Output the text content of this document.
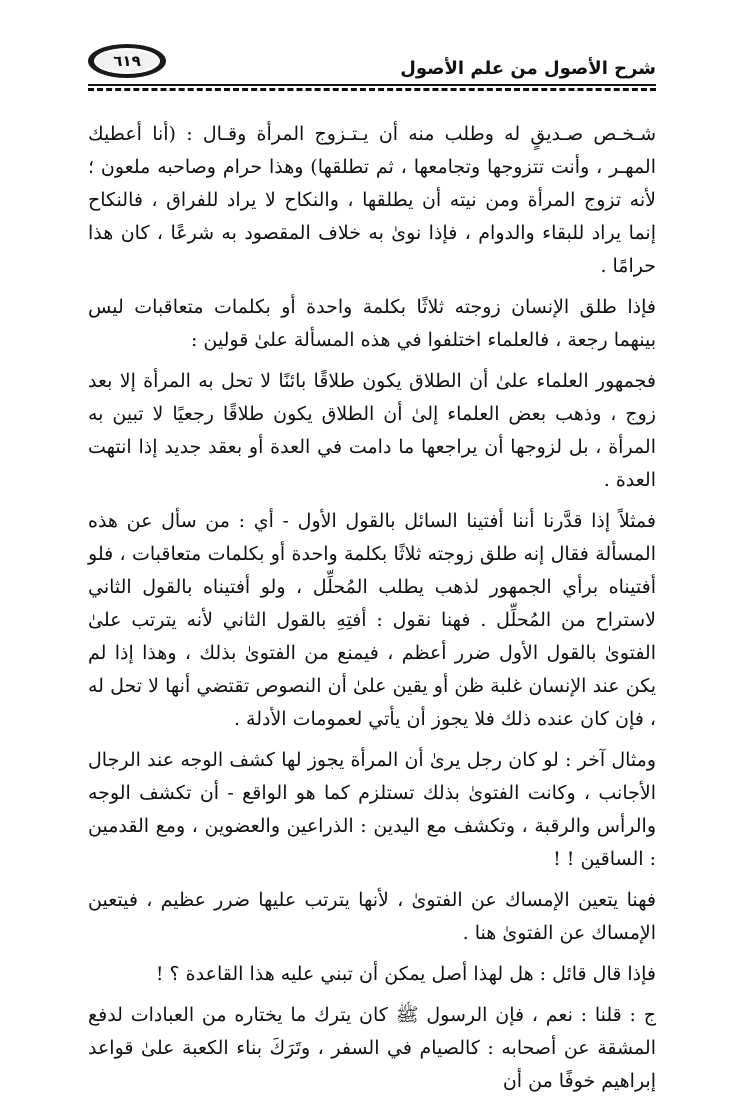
شرح الأصول من علم الأصول
٦١٩

شـخـص صـديقٍ له وطلب منه أن يـتـزوج المرأة وقـال : (أنا أعطيك المهـر ، وأنت تتزوجها وتجامعها ، ثم تطلقها) وهذا حرام وصاحبه ملعون ؛ لأنه تزوج المرأة ومن نيته أن يطلقها ، والنكاح لا يراد للفراق ، فالنكاح إنما يراد للبقاء والدوام ، فإذا نوىٰ به خلاف المقصود به شرعًا ، كان هذا حرامًا .

فإذا طلق الإنسان زوجته ثلاثًا بكلمة واحدة أو بكلمات متعاقبات ليس بينهما رجعة ، فالعلماء اختلفوا في هذه المسألة علىٰ قولين :

فجمهور العلماء علىٰ أن الطلاق يكون طلاقًا بائنًا لا تحل به المرأة إلا بعد زوج ، وذهب بعض العلماء إلىٰ أن الطلاق يكون طلاقًا رجعيًا لا تبين به المرأة ، بل لزوجها أن يراجعها ما دامت في العدة أو بعقد جديد إذا انتهت العدة .

فمثلاً إذا قدَّرنا أننا أفتينا السائل بالقول الأول - أي : من سأل عن هذه المسألة فقال إنه طلق زوجته ثلاثًا بكلمة واحدة أو بكلمات متعاقبات ، فلو أفتيناه برأي الجمهور لذهب يطلب المُحلِّل ، ولو أفتيناه بالقول الثاني لاستراح من المُحلِّل . فهنا نقول : أفتِهِ بالقول الثاني لأنه يترتب علىٰ الفتوىٰ بالقول الأول ضرر أعظم ، فيمنع من الفتوىٰ بذلك ، وهذا إذا لم يكن عند الإنسان غلبة ظن أو يقين علىٰ أن النصوص تقتضي أنها لا تحل له ، فإن كان عنده ذلك فلا يجوز أن يأتي لعمومات الأدلة .

ومثال آخر : لو كان رجل يرىٰ أن المرأة يجوز لها كشف الوجه عند الرجال الأجانب ، وكانت الفتوىٰ بذلك تستلزم كما هو الواقع - أن تكشف الوجه والرأس والرقبة ، وتكشف مع اليدين : الذراعين والعضوين ، ومع القدمين : الساقين ! !

فهنا يتعين الإمساك عن الفتوىٰ ، لأنها يترتب عليها ضرر عظيم ، فيتعين الإمساك عن الفتوىٰ هنا .

فإذا قال قائل : هل لهذا أصل يمكن أن تبني عليه هذا القاعدة ؟ !

ج : قلنا : نعم ، فإن الرسول ﷺ كان يترك ما يختاره من العبادات لدفع المشقة عن أصحابه : كالصيام في السفر ، وتَرَكَ بناء الكعبة علىٰ قواعد إبراهيم خوفًا من أن
